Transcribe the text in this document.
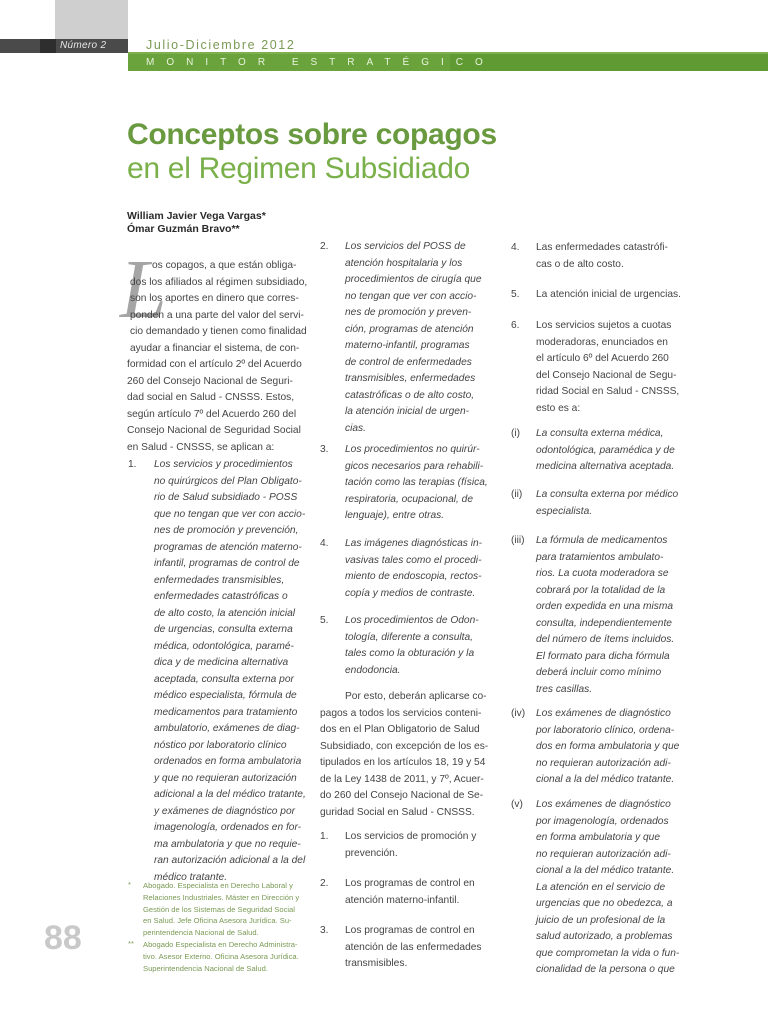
Número 2	Julio-Diciembre 2012
MONITOR ESTRATÉGICO
Conceptos sobre copagos
en el Regimen Subsidiado
William Javier Vega Vargas*
Ómar Guzmán Bravo**
L
88
os copagos, a que están obliga-
dos los afiliados al régimen subsidiado,
son los aportes en dinero que corres-
ponden a una parte del valor del servi-
cio demandado y tienen como finalidad
ayudar a financiar el sistema, de con-
formidad con el artículo 2º del Acuerdo
260 del Consejo Nacional de Seguri-
dad social en Salud - CNSSS. Estos,
según artículo 7º del Acuerdo 260 del
Consejo Nacional de Seguridad Social
en Salud - CNSSS, se aplican a:
Los servicios y procedimientos
no quirúrgicos del Plan Obligato-
rio de Salud subsidiado - POSS
que no tengan que ver con accio-
nes de promoción y prevención,
programas de atención materno-
infantil, programas de control de
enfermedades transmisibles,
enfermedades catastróficas o
de alto costo, la atención inicial
de urgencias, consulta externa
médica, odontológica, paramé-
dica y de medicina alternativa
aceptada, consulta externa por
médico especialista, fórmula de
medicamentos para tratamiento
ambulatorio, exámenes de diag-
nóstico por laboratorio clínico
ordenados en forma ambulatoria
y que no requieran autorización
adicional a la del médico tratante,
y exámenes de diagnóstico por
imagenología, ordenados en for-
ma ambulatoria y que no requie-
ran autorización adicional a la del
médico tratante.
1.
Los servicios del POSS de
atención hospitalaria y los
procedimientos de cirugía que
no tengan que ver con accio-
nes de promoción y preven-
ción, programas de atención
materno-infantil, programas
de control de enfermedades
transmisibles, enfermedades
catastróficas o de alto costo,
la atención inicial de urgen-
cias.
2.
Los procedimientos no quirúr-
gicos necesarios para rehabili-
tación como las terapias (física,
respiratoria, ocupacional, de
lenguaje), entre otras.
3.
Las imágenes diagnósticas in-
vasivas tales como el procedi-
miento de endoscopia, rectos-
copía y medios de contraste.
4.
Los procedimientos de Odon-
tología, diferente a consulta,
tales como la obturación y la
endodoncia.
5.
Por esto, deberán aplicarse co-
pagos a todos los servicios conteni-
dos en el Plan Obligatorio de Salud
Subsidiado, con excepción de los es-
tipulados en los artículos 18, 19 y 54
de la Ley 1438 de 2011, y 7º, Acuer-
do 260 del Consejo Nacional de Se-
guridad Social en Salud - CNSSS.
Los servicios de promoción y
prevención.
1.
Los programas de control en
atención materno-infantil.
2.
Los programas de control en
atención de las enfermedades
transmisibles.
3.
Las enfermedades catastrófi-
cas o de alto costo.
4.
La atención inicial de urgencias.
5.
Los servicios sujetos a cuotas
moderadoras, enunciados en
el artículo 6º del Acuerdo 260
del Consejo Nacional de Segu-
ridad Social en Salud - CNSSS,
esto es a:
6.
La consulta externa médica,
odontológica, paramédica y de
medicina alternativa aceptada.
(i)
La consulta externa por médico
especialista.
(ii)
La fórmula de medicamentos
para tratamientos ambulato-
rios. La cuota moderadora se
cobrará por la totalidad de la
orden expedida en una misma
consulta, independientemente
del número de ítems incluidos.
El formato para dicha fórmula
deberá incluir como mínimo
tres casillas.
(iii)
Los exámenes de diagnóstico
por laboratorio clínico, ordena-
dos en forma ambulatoria y que
no requieran autorización adi-
cional a la del médico tratante.
(iv)
Los exámenes de diagnóstico
por imagenología, ordenados
en forma ambulatoria y que
no requieran autorización adi-
cional a la del médico tratante.
La atención en el servicio de
urgencias que no obedezca, a
juicio de un profesional de la
salud autorizado, a problemas
que comprometan la vida o fun-
cionalidad de la persona o que
(v)
Abogado. Especialista en Derecho Laboral y
Relaciones Industriales. Máster en Dirección y
Gestión de los Sistemas de Seguridad Social
en Salud. Jefe Oficina Asesora Jurídica. Su-
perintendencia Nacional de Salud.
*
Abogado Especialista en Derecho Administra-
tivo. Asesor Externo. Oficina Asesora Jurídica.
Superintendencia Nacional de Salud.
**
